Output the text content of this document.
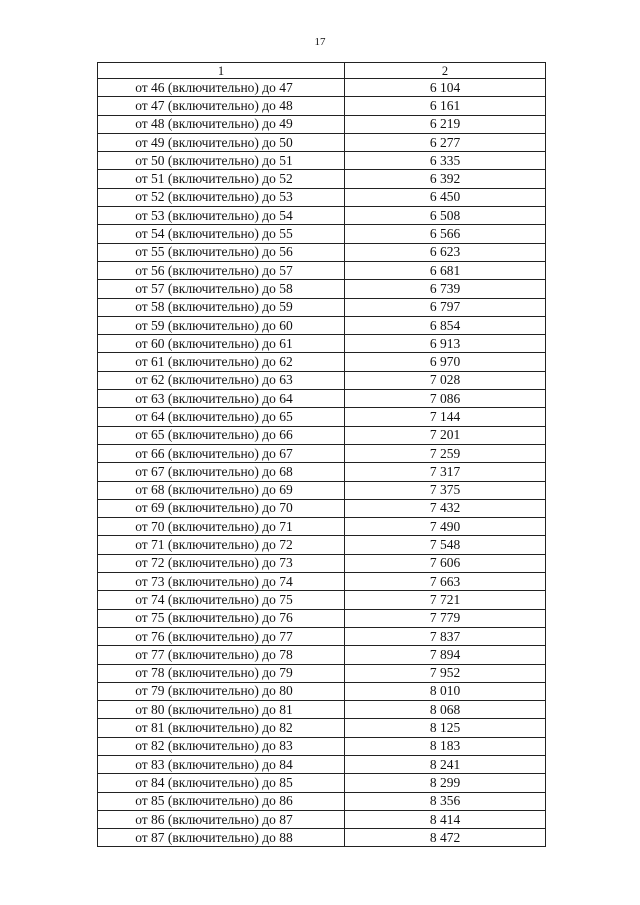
17
1	2
от 46 (включительно) до 47	6 104
от 47 (включительно) до 48	6 161
от 48 (включительно) до 49	6 219
от 49 (включительно) до 50	6 277
от 50 (включительно) до 51	6 335
от 51 (включительно) до 52	6 392
от 52 (включительно) до 53	6 450
от 53 (включительно) до 54	6 508
от 54 (включительно) до 55	6 566
от 55 (включительно) до 56	6 623
от 56 (включительно) до 57	6 681
от 57 (включительно) до 58	6 739
от 58 (включительно) до 59	6 797
от 59 (включительно) до 60	6 854
от 60 (включительно) до 61	6 913
от 61 (включительно) до 62	6 970
от 62 (включительно) до 63	7 028
от 63 (включительно) до 64	7 086
от 64 (включительно) до 65	7 144
от 65 (включительно) до 66	7 201
от 66 (включительно) до 67	7 259
от 67 (включительно) до 68	7 317
от 68 (включительно) до 69	7 375
от 69 (включительно) до 70	7 432
от 70 (включительно) до 71	7 490
от 71 (включительно) до 72	7 548
от 72 (включительно) до 73	7 606
от 73 (включительно) до 74	7 663
от 74 (включительно) до 75	7 721
от 75 (включительно) до 76	7 779
от 76 (включительно) до 77	7 837
от 77 (включительно) до 78	7 894
от 78 (включительно) до 79	7 952
от 79 (включительно) до 80	8 010
от 80 (включительно) до 81	8 068
от 81 (включительно) до 82	8 125
от 82 (включительно) до 83	8 183
от 83 (включительно) до 84	8 241
от 84 (включительно) до 85	8 299
от 85 (включительно) до 86	8 356
от 86 (включительно) до 87	8 414
от 87 (включительно) до 88	8 472
